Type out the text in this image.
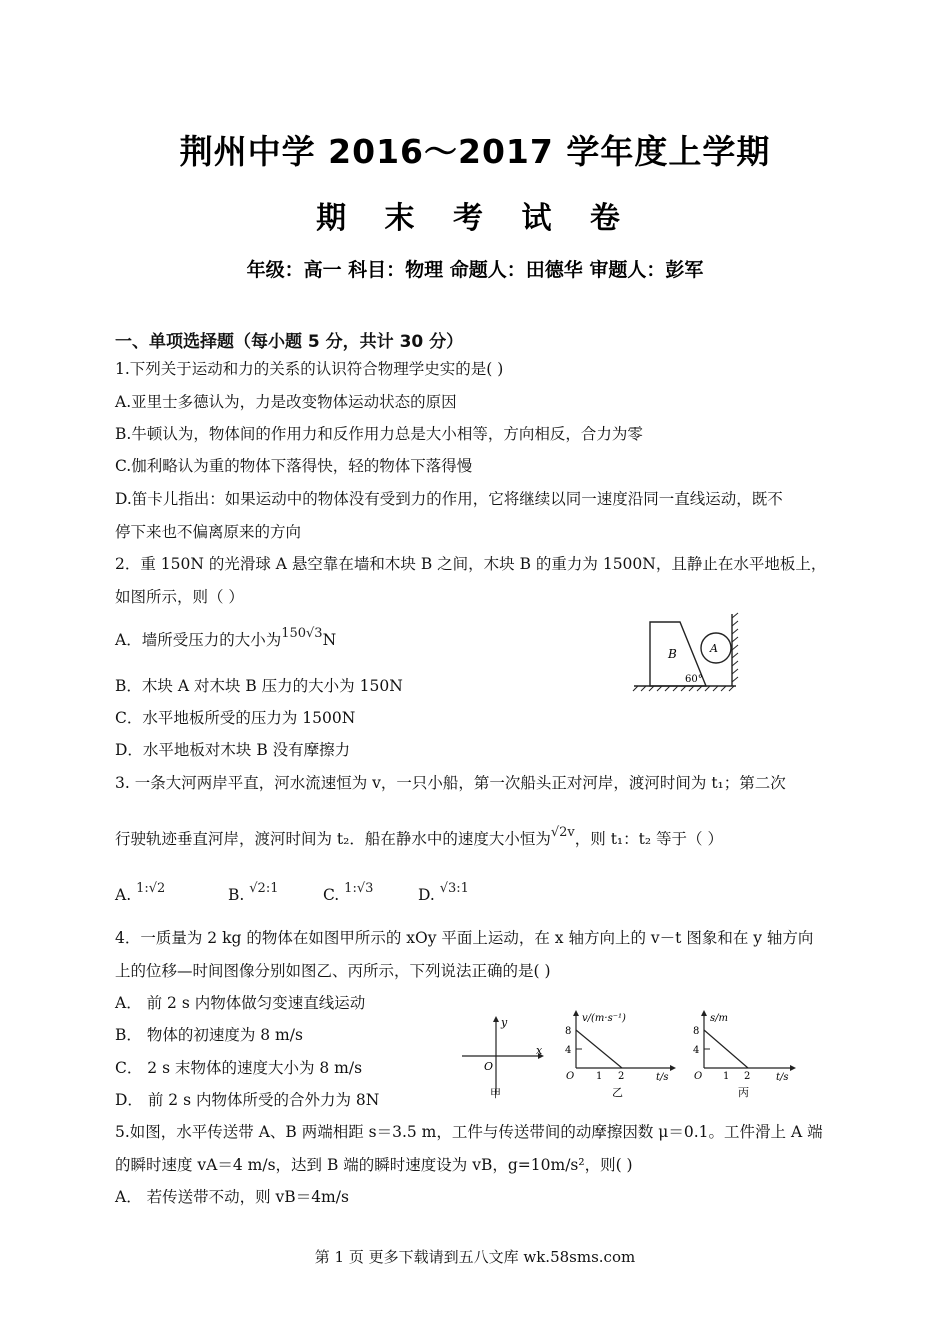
荆州中学 2016～2017 学年度上学期
期 末 考 试 卷
年级：高一 科目：物理 命题人：田德华 审题人：彭军
一、单项选择题（每小题 5 分，共计 30 分）
1.下列关于运动和力的关系的认识符合物理学史实的是( )
A.亚里士多德认为，力是改变物体运动状态的原因
B.牛顿认为，物体间的作用力和反作用力总是大小相等，方向相反，合力为零
C.伽利略认为重的物体下落得快，轻的物体下落得慢
D.笛卡儿指出：如果运动中的物体没有受到力的作用，它将继续以同一速度沿同一直线运动，既不
停下来也不偏离原来的方向
2．重 150N 的光滑球 A 悬空靠在墙和木块 B 之间，木块 B 的重力为 1500N，且静止在水平地板上，
如图所示，则（ ）
A．墙所受压力的大小为150√3N
B．木块 A 对木块 B 压力的大小为 150N
C．水平地板所受的压力为 1500N
D．水平地板对木块 B 没有摩擦力
B	A
60°
3. 一条大河两岸平直，河水流速恒为 v，一只小船，第一次船头正对河岸，渡河时间为 t₁；第二次
行驶轨迹垂直河岸，渡河时间为 t₂．船在静水中的速度大小恒为√2v，则 t₁：t₂ 等于（ ）
A. 1:√2	B. √2:1	C. 1:√3	D. √3:1
4．一质量为 2 kg 的物体在如图甲所示的 xOy 平面上运动，在 x 轴方向上的 v－t 图象和在 y 轴方向
上的位移—时间图像分别如图乙、丙所示，下列说法正确的是( )
A． 前 2 s 内物体做匀变速直线运动
B． 物体的初速度为 8 m/s
C． 2 s 末物体的速度大小为 8 m/s
D． 前 2 s 内物体所受的合外力为 8N
y
x
O
甲
v/(m·s⁻¹)
8
4
O 1 2	t/s
乙
s/m
8
4
O 1 2	t/s
丙
5.如图，水平传送带 A、B 两端相距 s＝3.5 m，工件与传送带间的动摩擦因数 μ＝0.1。工件滑上 A 端
的瞬时速度 vA＝4 m/s，达到 B 端的瞬时速度设为 vB，g=10m/s²，则( )
A． 若传送带不动，则 vB＝4m/s
第 1 页 更多下载请到五八文库 wk.58sms.com
